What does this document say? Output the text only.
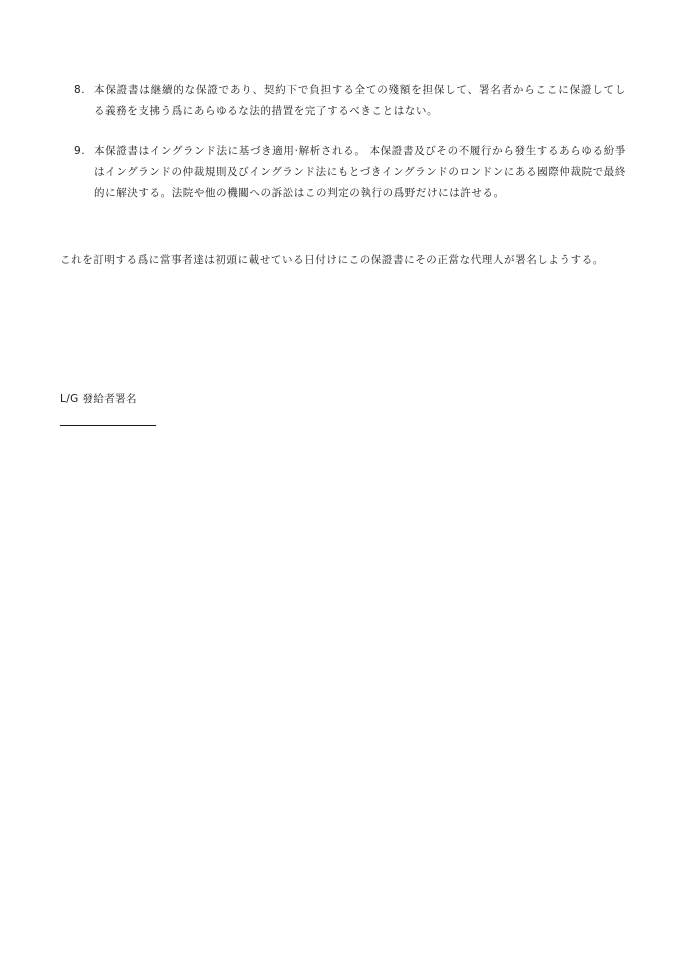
8. 本保證書は継續的な保證であり、契約下で負担する全ての殘額を担保して、署名者からここに保證してしる義務を支拂う爲にあらゆるな法的措置を完了するべきことはない。
9. 本保證書はイングランド法に基づき適用‧解析される。 本保證書及びその不履行から發生するあらゆる紛爭はイングランドの仲裁規則及びイングランド法にもとづきイングランドのロンドンにある國際仲裁院で最終的に解決する。法院や他の機關への訴訟はこの判定の執行の爲野だけには許せる。
これを訂明する爲に當事者達は初頭に載せている日付けにこの保證書にその正當な代理人が署名しようする。
L/G 發給者署名
